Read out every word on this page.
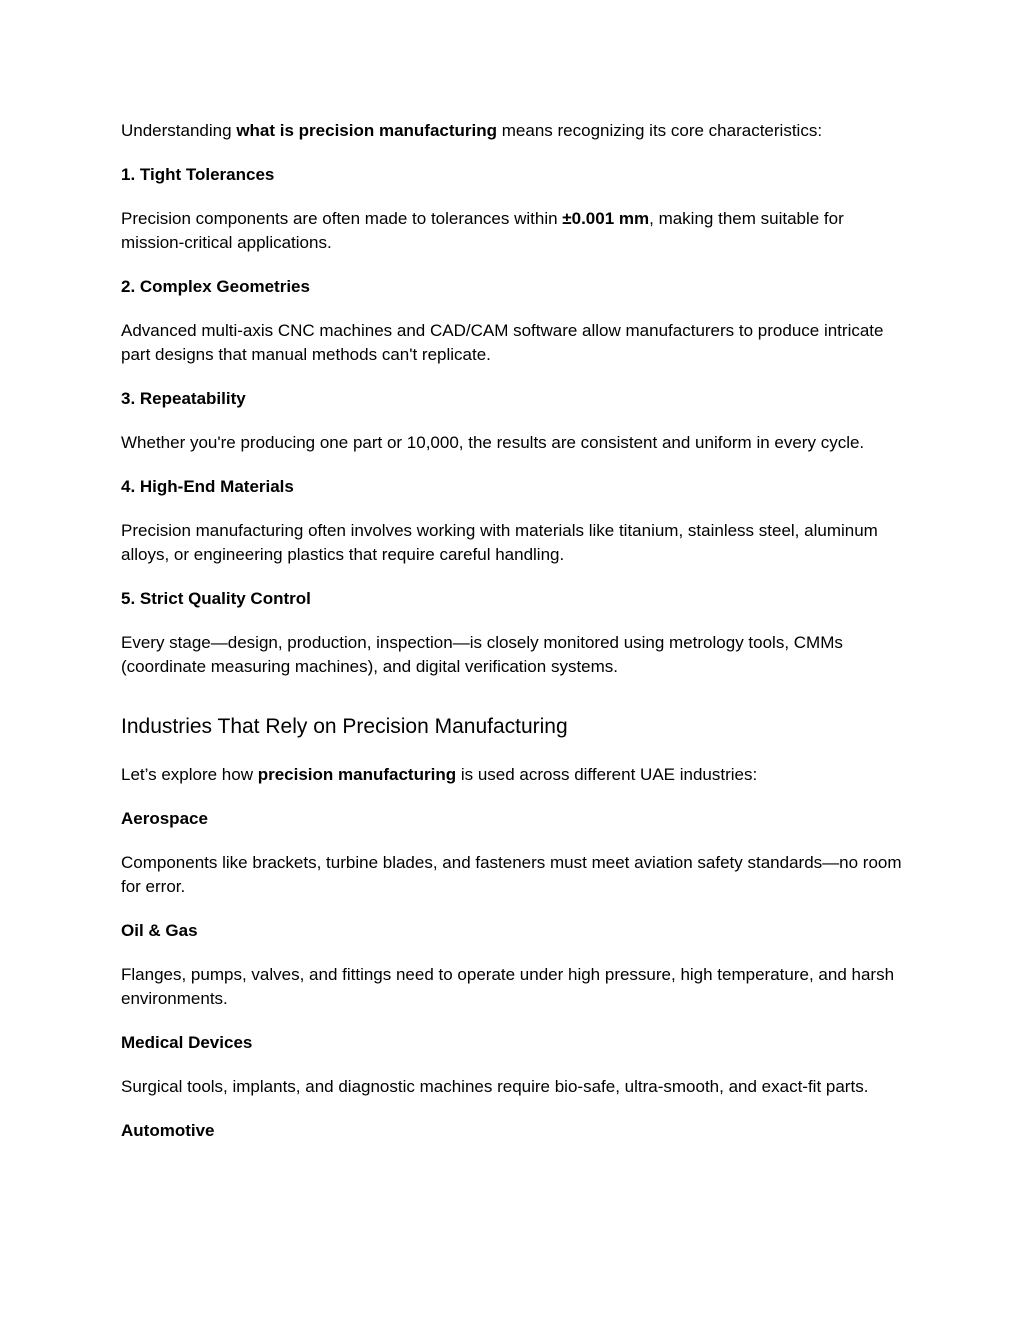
Understanding what is precision manufacturing means recognizing its core characteristics:

1. Tight Tolerances

Precision components are often made to tolerances within ±0.001 mm, making them suitable for mission-critical applications.

2. Complex Geometries

Advanced multi-axis CNC machines and CAD/CAM software allow manufacturers to produce intricate part designs that manual methods can't replicate.

3. Repeatability

Whether you're producing one part or 10,000, the results are consistent and uniform in every cycle.

4. High-End Materials

Precision manufacturing often involves working with materials like titanium, stainless steel, aluminum alloys, or engineering plastics that require careful handling.

5. Strict Quality Control

Every stage—design, production, inspection—is closely monitored using metrology tools, CMMs (coordinate measuring machines), and digital verification systems.

Industries That Rely on Precision Manufacturing

Let’s explore how precision manufacturing is used across different UAE industries:

Aerospace

Components like brackets, turbine blades, and fasteners must meet aviation safety standards—no room for error.

Oil & Gas

Flanges, pumps, valves, and fittings need to operate under high pressure, high temperature, and harsh environments.

Medical Devices

Surgical tools, implants, and diagnostic machines require bio-safe, ultra-smooth, and exact-fit parts.

Automotive
